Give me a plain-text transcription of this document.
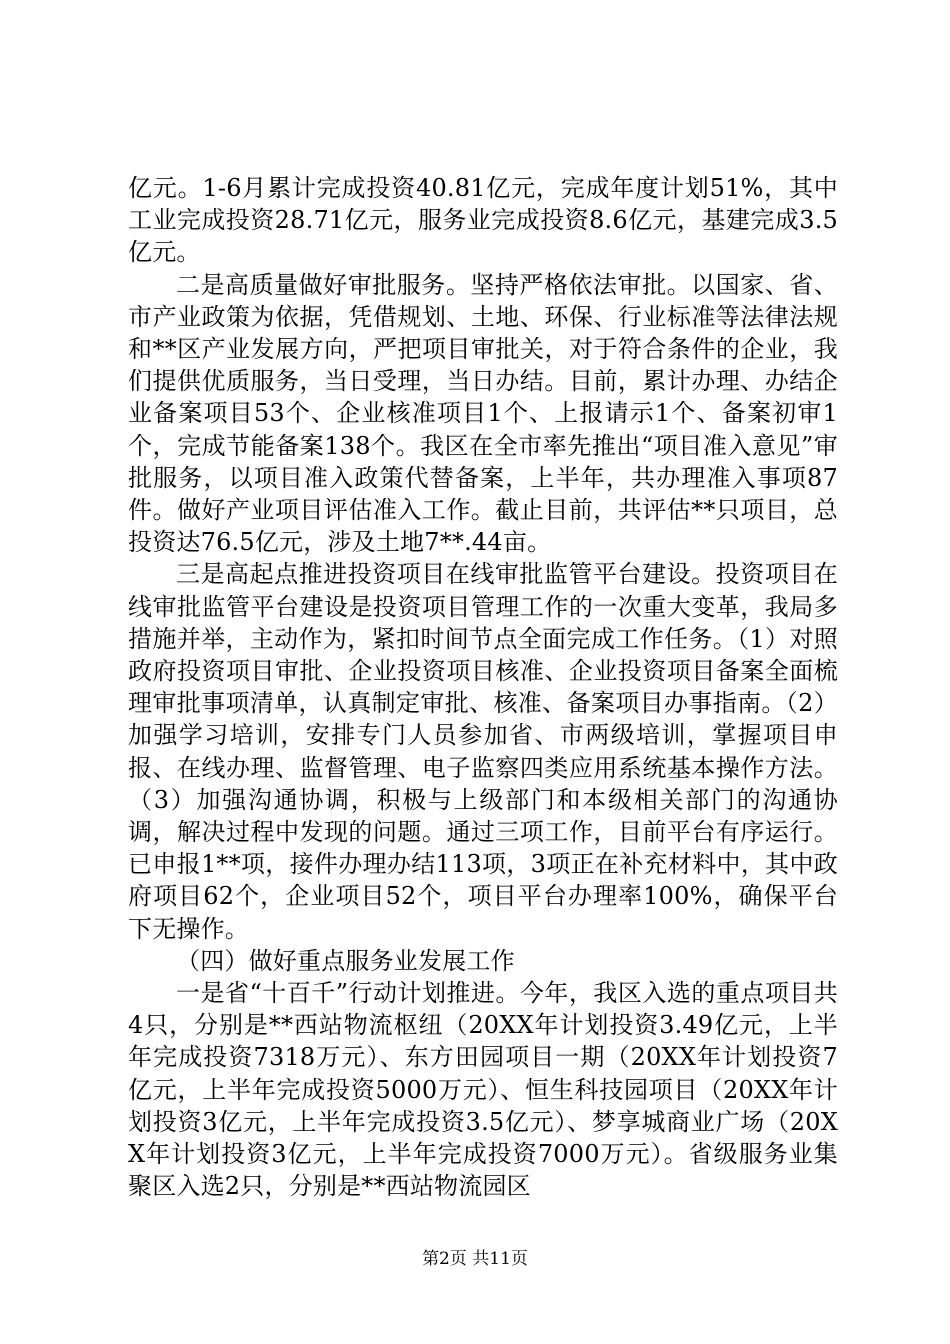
亿元。1-6月累计完成投资40.81亿元，完成年度计划51%，其中工业完成投资28.71亿元，服务业完成投资8.6亿元，基建完成3.5亿元。

二是高质量做好审批服务。坚持严格依法审批。以国家、省、市产业政策为依据，凭借规划、土地、环保、行业标准等法律法规和**区产业发展方向，严把项目审批关，对于符合条件的企业，我们提供优质服务，当日受理，当日办结。目前，累计办理、办结企业备案项目53个、企业核准项目1个、上报请示1个、备案初审1个，完成节能备案138个。我区在全市率先推出“项目准入意见”审批服务，以项目准入政策代替备案，上半年，共办理准入事项87件。做好产业项目评估准入工作。截止目前，共评估**只项目，总投资达76.5亿元，涉及土地7**.44亩。

三是高起点推进投资项目在线审批监管平台建设。投资项目在线审批监管平台建设是投资项目管理工作的一次重大变革，我局多措施并举，主动作为，紧扣时间节点全面完成工作任务。（1）对照政府投资项目审批、企业投资项目核准、企业投资项目备案全面梳理审批事项清单，认真制定审批、核准、备案项目办事指南。（2）加强学习培训，安排专门人员参加省、市两级培训，掌握项目申报、在线办理、监督管理、电子监察四类应用系统基本操作方法。（3）加强沟通协调，积极与上级部门和本级相关部门的沟通协调，解决过程中发现的问题。通过三项工作，目前平台有序运行。已申报1**项，接件办理办结113项，3项正在补充材料中，其中政府项目62个，企业项目52个，项目平台办理率100%，确保平台下无操作。

（四）做好重点服务业发展工作

一是省“十百千”行动计划推进。今年，我区入选的重点项目共4只，分别是**西站物流枢纽（20XX年计划投资3.49亿元，上半年完成投资7318万元）、东方田园项目一期（20XX年计划投资7亿元，上半年完成投资5000万元）、恒生科技园项目（20XX年计划投资3亿元，上半年完成投资3.5亿元）、梦享城商业广场（20XX年计划投资3亿元，上半年完成投资7000万元）。省级服务业集聚区入选2只，分别是**西站物流园区

第2页 共11页
